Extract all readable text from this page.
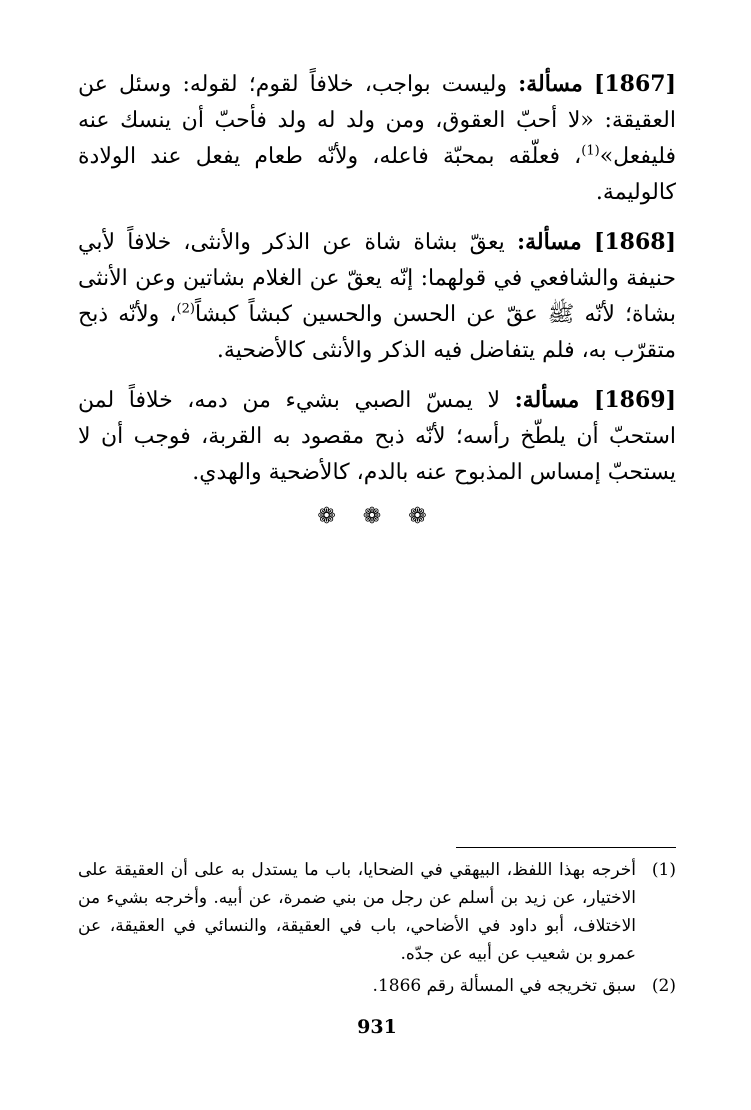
[1867] مسألة: وليست بواجب، خلافاً لقوم؛ لقوله: وسئل عن العقيقة: «لا أحبّ العقوق، ومن ولد له ولد فأحبّ أن ينسك عنه فليفعل»$^{(1)}$، فعلّقه بمحبّة فاعله، ولأنّه طعام يفعل عند الولادة كالوليمة.

[1868] مسألة: يعقّ بشاة شاة عن الذكر والأنثى، خلافاً لأبي حنيفة والشافعي في قولهما: إنّه يعقّ عن الغلام بشاتين وعن الأنثى بشاة؛ لأنّه ﷺ عقّ عن الحسن والحسين كبشاً كبشاً$^{(2)}$، ولأنّه ذبح متقرّب به، فلم يتفاضل فيه الذكر والأنثى كالأضحية.

[1869] مسألة: لا يمسّ الصبي بشيء من دمه، خلافاً لمن استحبّ أن يلطّخ رأسه؛ لأنّه ذبح مقصود به القربة، فوجب أن لا يستحبّ إمساس المذبوح عنه بالدم، كالأضحية والهدي.

❁ ❁ ❁
(1)
أخرجه بهذا اللفظ، البيهقي في الضحايا، باب ما يستدل به على أن العقيقة على الاختيار، عن زيد بن أسلم عن رجل من بني ضمرة، عن أبيه. وأخرجه بشيء من الاختلاف، أبو داود في الأضاحي، باب في العقيقة، والنسائي في العقيقة، عن عمرو بن شعيب عن أبيه عن جدّه.
(2)
سبق تخريجه في المسألة رقم 1866.
931
